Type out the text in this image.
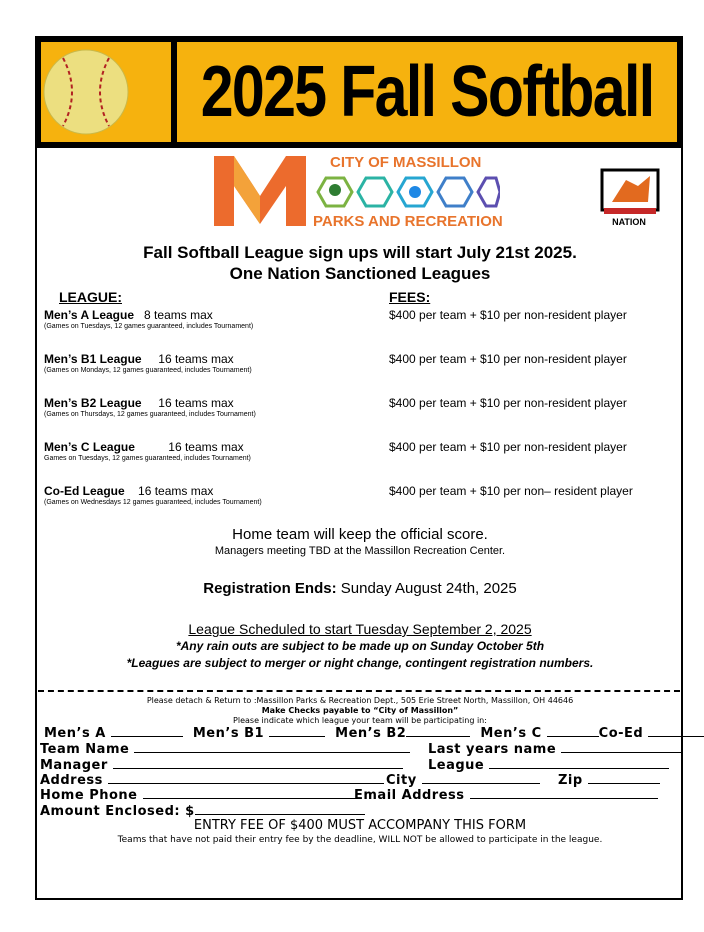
2025 Fall Softball
CITY OF MASSILLON
PARKS AND RECREATION	NATION
Fall Softball League sign ups will start July 21st 2025.
One Nation Sanctioned Leagues
LEAGUE:	FEES:
Men’s A League 8 teams max
(Games on Tuesdays, 12 games guaranteed, includes Tournament)
$400 per team + $10 per non-resident player
Men’s B1 League 16 teams max
(Games on Mondays, 12 games guaranteed, includes Tournament)
$400 per team + $10 per non-resident player
Men’s B2 League 16 teams max
(Games on Thursdays, 12 games guaranteed, includes Tournament)
$400 per team + $10 per non-resident player
Men’s C League	16 teams max
Games on Tuesdays, 12 games guaranteed, includes Tournament)
$400 per team + $10 per non-resident player
Co-Ed League 16 teams max
(Games on Wednesdays 12 games guaranteed, includes Tournament)
$400 per team + $10 per non– resident player
Home team will keep the official score.
Managers meeting TBD at the Massillon Recreation Center.
Registration Ends: Sunday August 24th, 2025
League Scheduled to start Tuesday September 2, 2025
*Any rain outs are subject to be made up on Sunday October 5th
*Leagues are subject to merger or night change, contingent registration numbers.
Please detach & Return to :Massillon Parks & Recreation Dept., 505 Erie Street North, Massillon, OH 44646
Make Checks payable to “City of Massillon”
Please indicate which league your team will be participating in:
Men’s A	Men’s B1	Men’s B2	Men’s C	Co-Ed
Team Name	Last years name
Manager	League
Address	City	Zip
Home Phone	Email Address
Amount Enclosed: $
ENTRY FEE OF $400 MUST ACCOMPANY THIS FORM
Teams that have not paid their entry fee by the deadline, WILL NOT be allowed to participate in the league.
